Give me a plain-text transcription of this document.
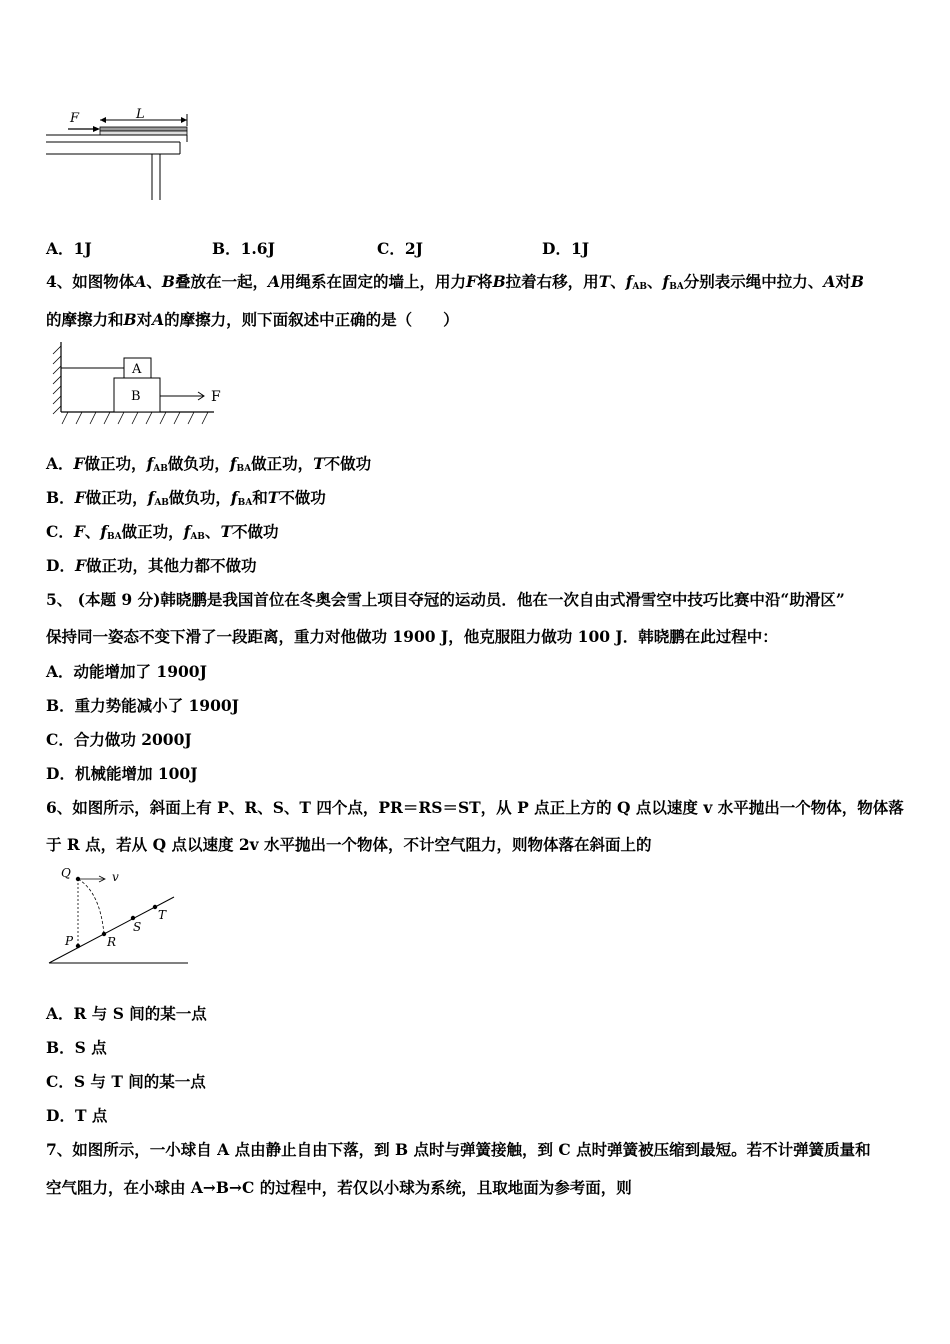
F	L
A．1J	B．1.6J	C．2J	D．1J
4、如图物体A、B叠放在一起，A用绳系在固定的墙上，用力F将B拉着右移，用T、$f_{AB}$、$f_{BA}$分别表示绳中拉力、A对B
的摩擦力和B对A的摩擦力，则下面叙述中正确的是（　　）
A
B	F
A．F做正功，$f_{AB}$做负功，$f_{BA}$做正功，T不做功
B．F做正功，$f_{AB}$做负功，$f_{BA}$和T不做功
C．F、$f_{BA}$做正功，$f_{AB}$、T不做功
D．F做正功，其他力都不做功
5、 (本题 9 分)韩晓鹏是我国首位在冬奥会雪上项目夺冠的运动员．他在一次自由式滑雪空中技巧比赛中沿“助滑区”
保持同一姿态不变下滑了一段距离，重力对他做功 1900 J，他克服阻力做功 100 J．韩晓鹏在此过程中：
A．动能增加了 1900J
B．重力势能减小了 1900J
C．合力做功 2000J
D．机械能增加 100J
6、如图所示，斜面上有 P、R、S、T 四个点，PR＝RS＝ST，从 P 点正上方的 Q 点以速度 v 水平抛出一个物体，物体落
于 R 点，若从 Q 点以速度 2v 水平抛出一个物体，不计空气阻力，则物体落在斜面上的
Q	v
P	R
S
T
A．R 与 S 间的某一点
B．S 点
C．S 与 T 间的某一点
D．T 点
7、如图所示，一小球自 A 点由静止自由下落，到 B 点时与弹簧接触，到 C 点时弹簧被压缩到最短。若不计弹簧质量和
空气阻力，在小球由 A→B→C 的过程中，若仅以小球为系统，且取地面为参考面，则
